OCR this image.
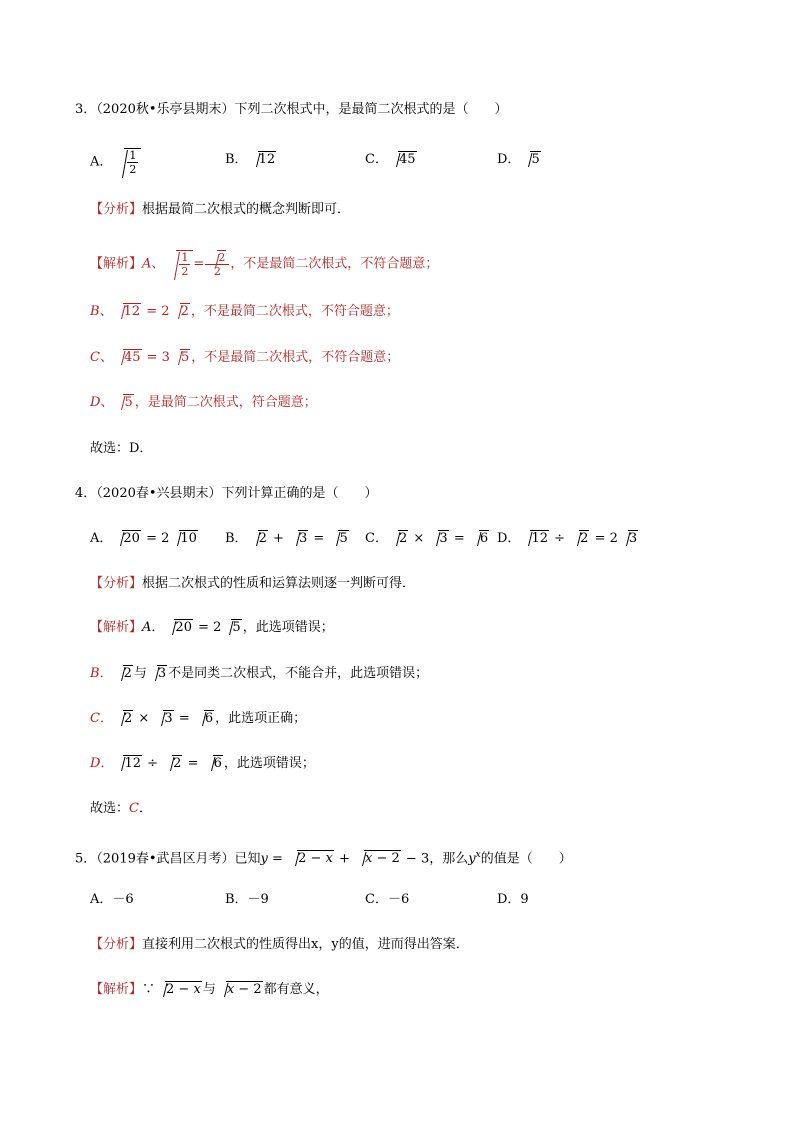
3．（2020秋•乐亭县期末）下列二次根式中，是最简二次根式的是（　　）
A． $\frac{1}{2}$	B． 12	C． 45	D． 5
【分析】根据最简二次根式的概念判断即可．
【解析】A、 $\frac{1}{2} = \frac{2}{2}$ ，不是最简二次根式，不符合题意；
B、 12 = 2 2 ，不是最简二次根式，不符合题意；
C、 45 = 3 5 ，不是最简二次根式，不符合题意；
D、 5 ，是最简二次根式，符合题意；
故选：D．
4．（2020春•兴县期末）下列计算正确的是（　　）
A． 20 = 2 10 B． 2 + 3 = 5 C． 2 × 3 = 6 D． 12 ÷ 2 = 2 3
【分析】根据二次根式的性质和运算法则逐一判断可得．
【解析】A． 20 = 2 5 ，此选项错误；
B． 2 与 3 不是同类二次根式，不能合并，此选项错误；
C． 2 × 3 = 6 ，此选项正确；
D． 12 ÷ 2 = 6 ，此选项错误；
故选：C．
5．（2019春•武昌区月考）已知y = 2 − x + x − 2 − 3，那么$y^x$的值是（　　）
A．－6	B．－9	C．－6	D．9
【分析】直接利用二次根式的性质得出x，y的值，进而得出答案．
【解析】∵ 2 − x 与 x − 2 都有意义，
